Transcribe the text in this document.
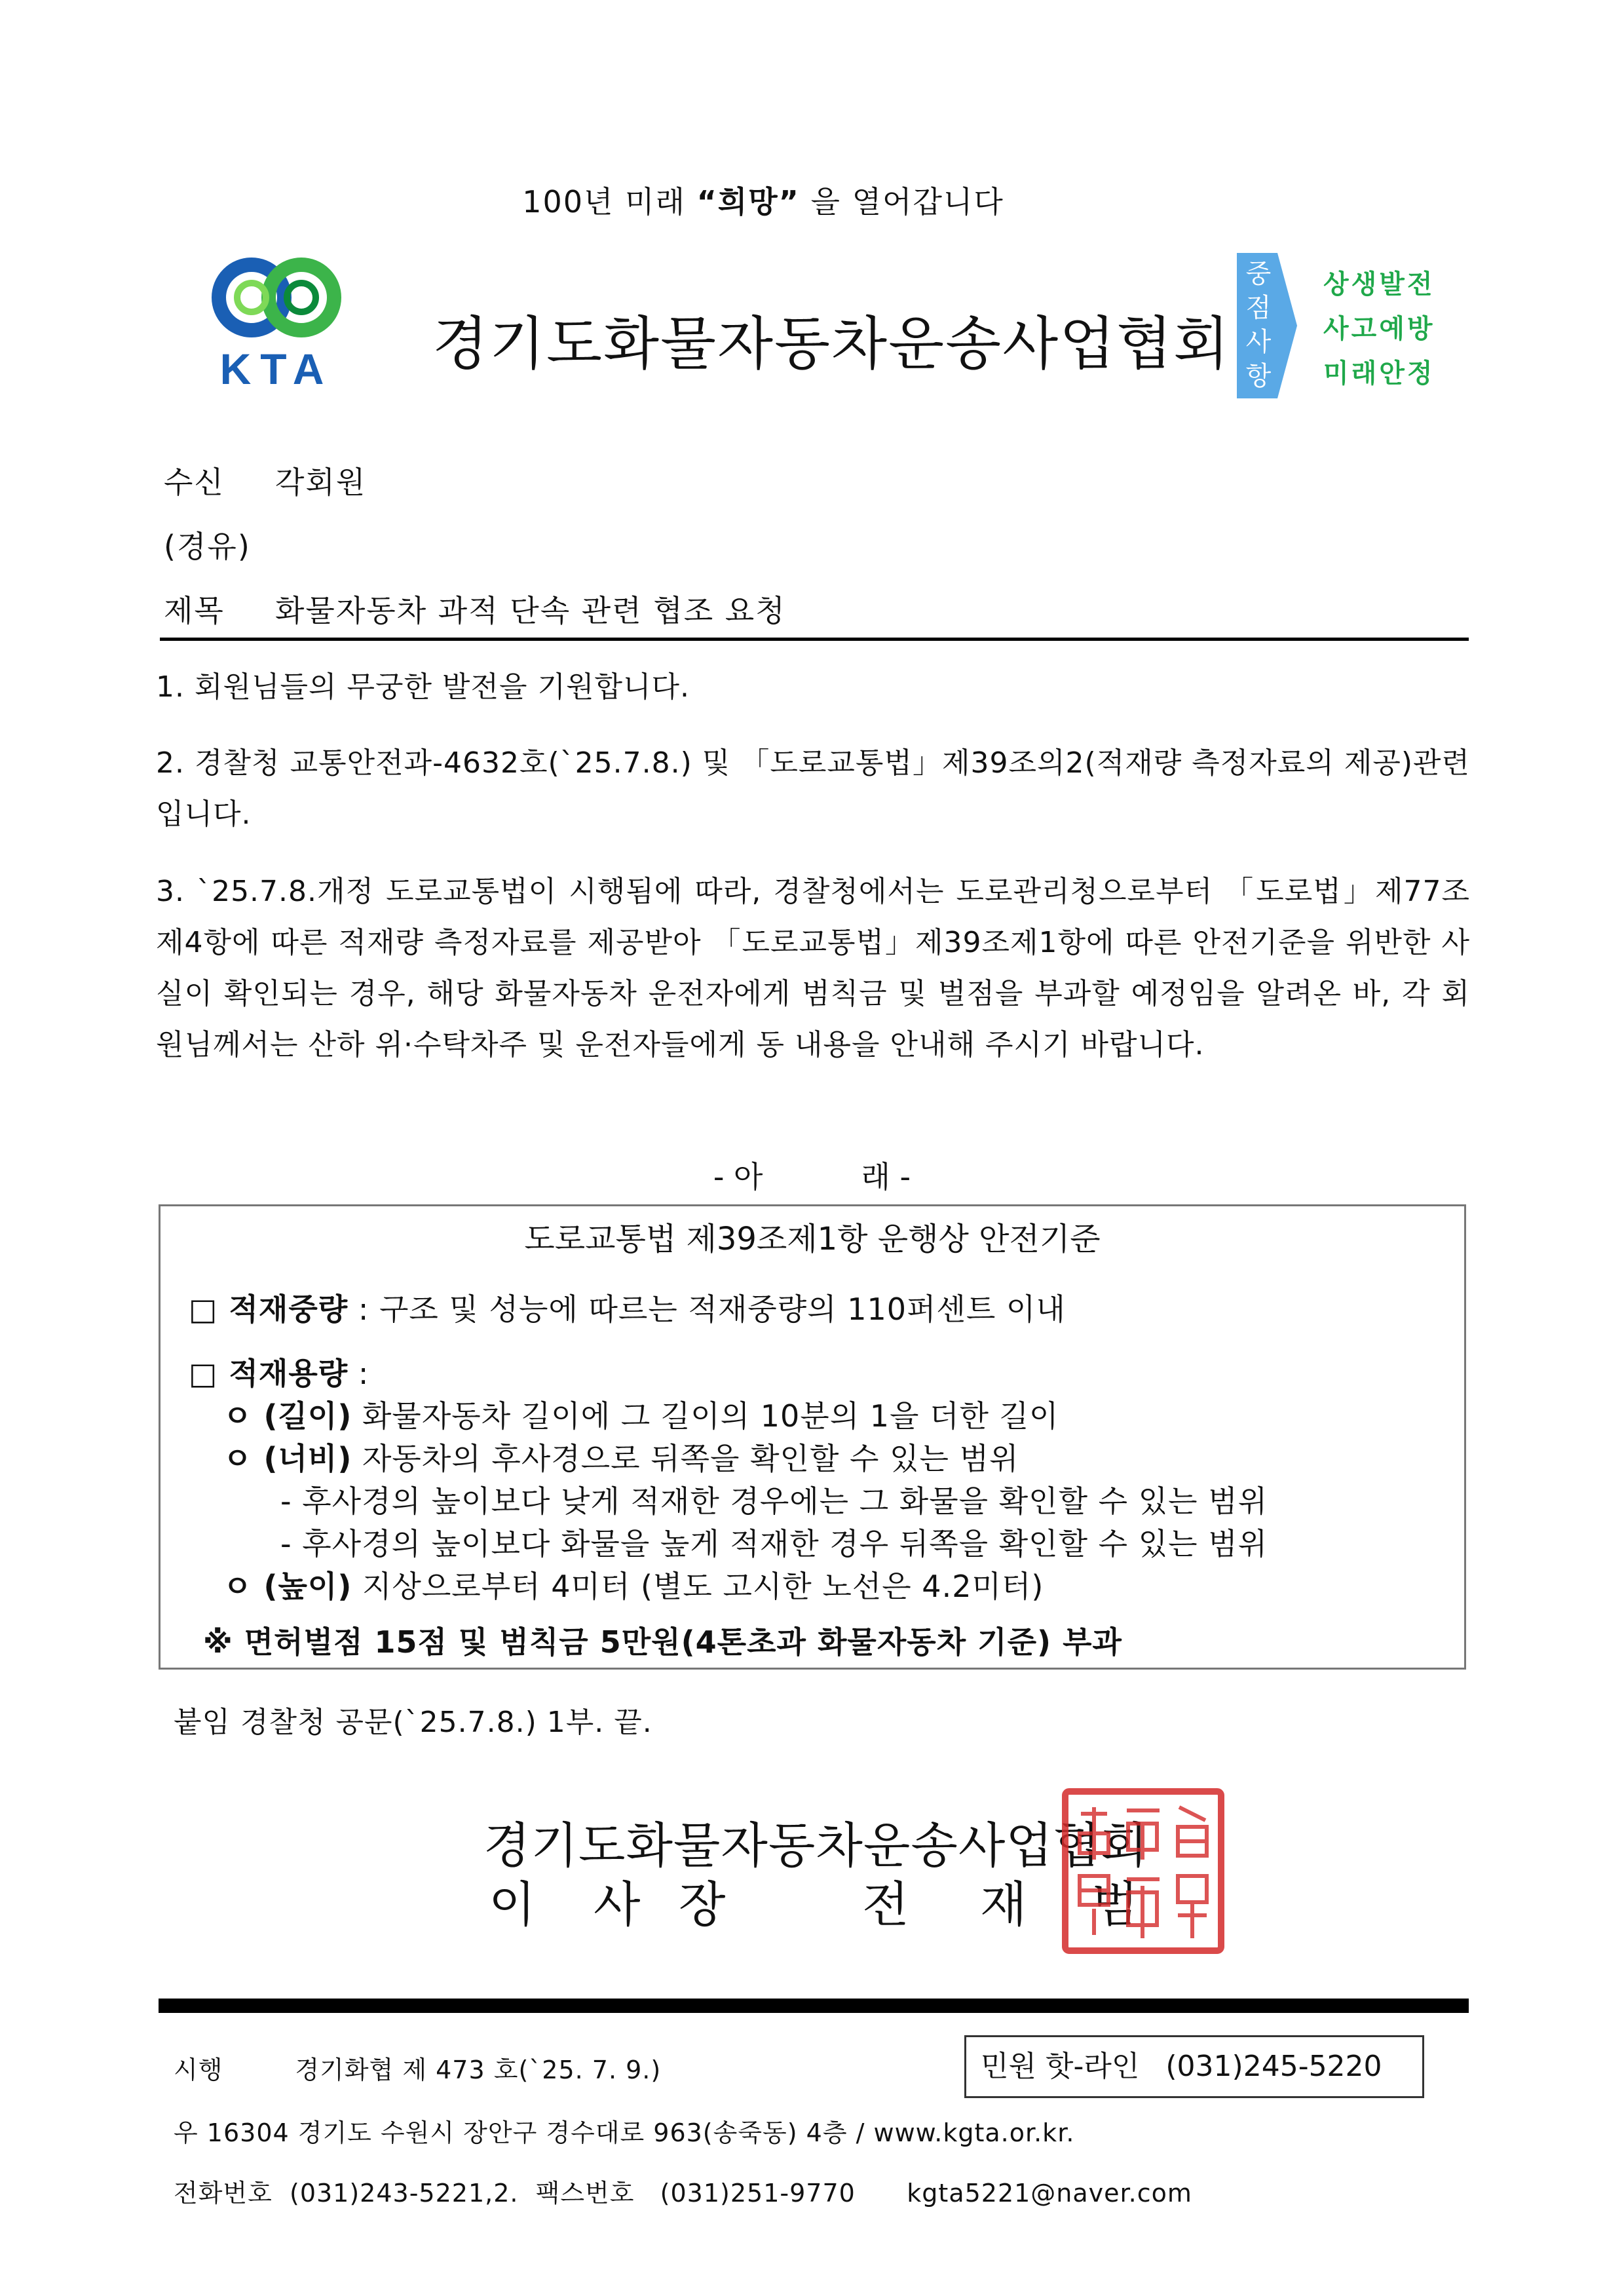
100년 미래 “희망” 을 열어갑니다
KTA 경기도화물자동차운송사업협회
중
점
사
항
상생발전
사고예방
미래안정
수신 각회원
(경유)
제목 화물자동차 과적 단속 관련 협조 요청
1. 회원님들의 무궁한 발전을 기원합니다.
2. 경찰청 교통안전과-4632호(`25.7.8.) 및 「도로교통법」제39조의2(적재량 측정자료의 제공)관련입니다.
3. `25.7.8.개정 도로교통법이 시행됨에 따라, 경찰청에서는 도로관리청으로부터 「도로법」제77조제4항에 따른 적재량 측정자료를 제공받아 「도로교통법」제39조제1항에 따른 안전기준을 위반한 사실이 확인되는 경우, 해당 화물자동차 운전자에게 범칙금 및 벌점을 부과할 예정임을 알려온 바, 각 회원님께서는 산하 위·수탁차주 및 운전자들에게 동 내용을 안내해 주시기 바랍니다.
- 아	래 -
도로교통법 제39조제1항 운행상 안전기준
□ 적재중량 : 구조 및 성능에 따르는 적재중량의 110퍼센트 이내
□ 적재용량 :
ㅇ (길이) 화물자동차 길이에 그 길이의 10분의 1을 더한 길이
ㅇ (너비) 자동차의 후사경으로 뒤쪽을 확인할 수 있는 범위
- 후사경의 높이보다 낮게 적재한 경우에는 그 화물을 확인할 수 있는 범위
- 후사경의 높이보다 화물을 높게 적재한 경우 뒤쪽을 확인할 수 있는 범위
ㅇ (높이) 지상으로부터 4미터 (별도 고시한 노선은 4.2미터)
※ 면허벌점 15점 및 범칙금 5만원(4톤초과 화물자동차 기준) 부과
붙임 경찰청 공문(`25.7.8.) 1부. 끝.
경기도화물자동차운송사업협회
이 사 장	전 재 범
시행	경기화협 제 473 호(`25. 7. 9.)	민원 핫-라인 (031)245-5220
우 16304 경기도 수원시 장안구 경수대로 963(송죽동) 4층 / www.kgta.or.kr.
전화번호  (031)243-5221,2.  팩스번호   (031)251-9770      kgta5221@naver.com
